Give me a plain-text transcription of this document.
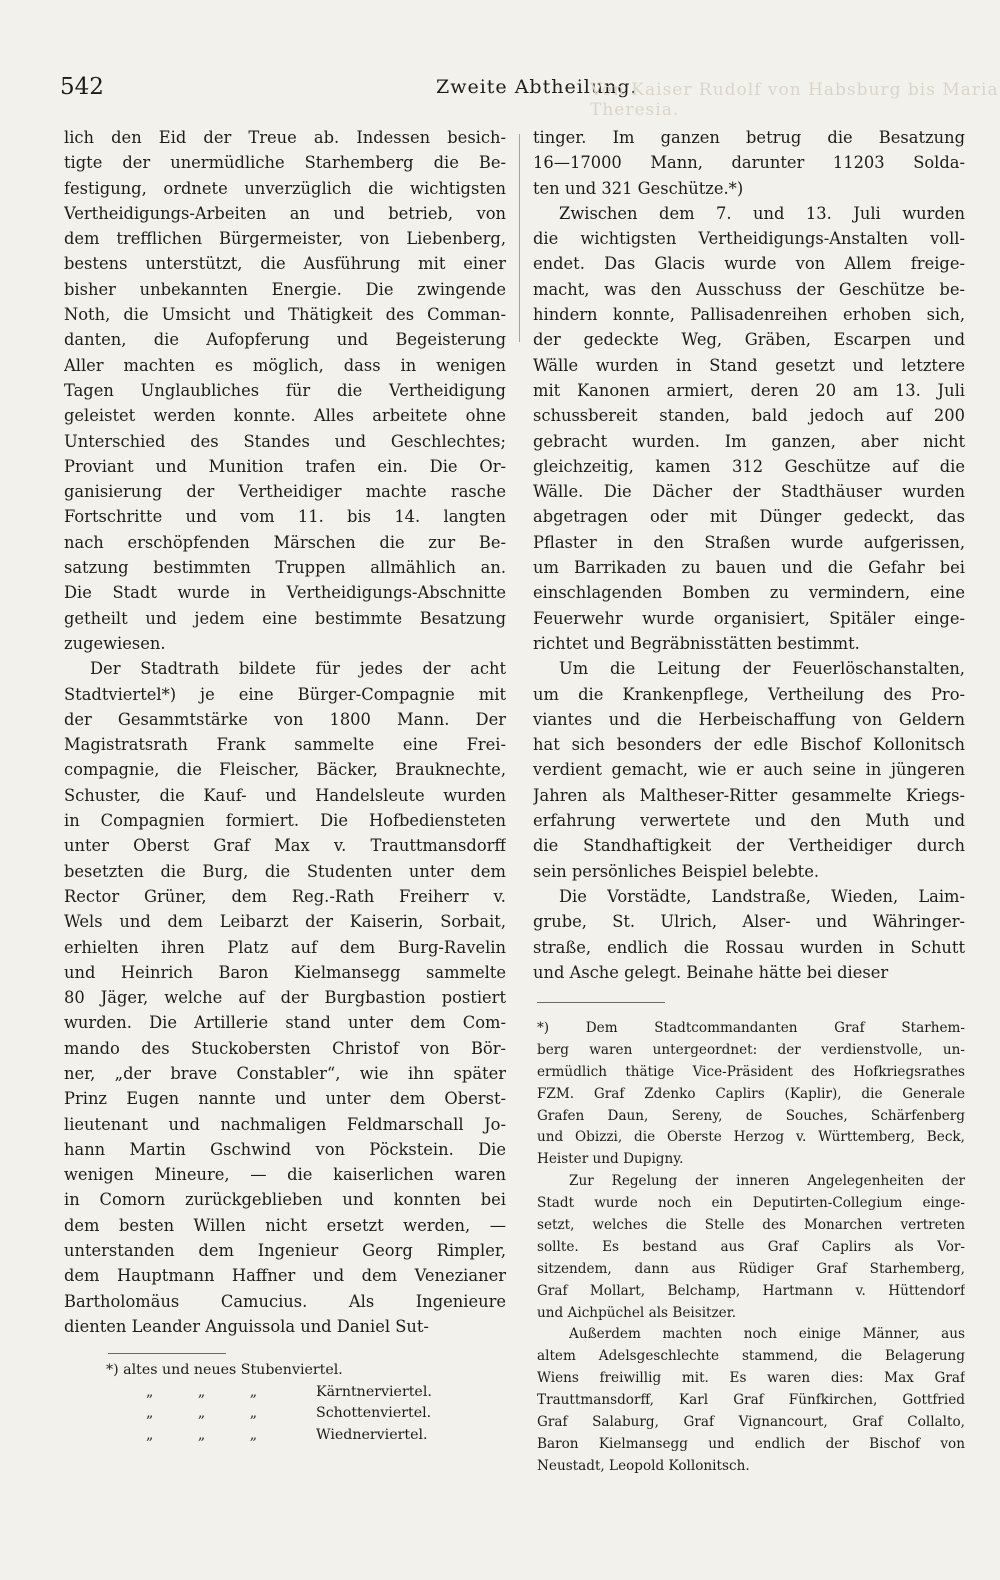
542	Zweite Abtheilung.
Von Kaiser Rudolf von Habsburg bis Maria Theresia.
lich den Eid der Treue ab. Indessen besich-
tigte der unermüdliche Starhemberg die Be-
festigung, ordnete unverzüglich die wichtigsten
Vertheidigungs-Arbeiten an und betrieb, von
dem trefflichen Bürgermeister, von Liebenberg,
bestens unterstützt, die Ausführung mit einer
bisher unbekannten Energie. Die zwingende
Noth, die Umsicht und Thätigkeit des Comman-
danten, die Aufopferung und Begeisterung
Aller machten es möglich, dass in wenigen
Tagen Unglaubliches für die Vertheidigung
geleistet werden konnte. Alles arbeitete ohne
Unterschied des Standes und Geschlechtes;
Proviant und Munition trafen ein. Die Or-
ganisierung der Vertheidiger machte rasche
Fortschritte und vom 11. bis 14. langten
nach erschöpfenden Märschen die zur Be-
satzung bestimmten Truppen allmählich an.
Die Stadt wurde in Vertheidigungs-Abschnitte
getheilt und jedem eine bestimmte Besatzung
zugewiesen.
Der Stadtrath bildete für jedes der acht
Stadtviertel*) je eine Bürger-Compagnie mit
der Gesammtstärke von 1800 Mann. Der
Magistratsrath Frank sammelte eine Frei-
compagnie, die Fleischer, Bäcker, Brauknechte,
Schuster, die Kauf- und Handelsleute wurden
in Compagnien formiert. Die Hofbediensteten
unter Oberst Graf Max v. Trauttmansdorff
besetzten die Burg, die Studenten unter dem
Rector Grüner, dem Reg.-Rath Freiherr v.
Wels und dem Leibarzt der Kaiserin, Sorbait,
erhielten ihren Platz auf dem Burg-Ravelin
und Heinrich Baron Kielmansegg sammelte
80 Jäger, welche auf der Burgbastion postiert
wurden. Die Artillerie stand unter dem Com-
mando des Stuckobersten Christof von Bör-
ner, „der brave Constabler“, wie ihn später
Prinz Eugen nannte und unter dem Oberst-
lieutenant und nachmaligen Feldmarschall Jo-
hann Martin Gschwind von Pöckstein. Die
wenigen Mineure, — die kaiserlichen waren
in Comorn zurückgeblieben und konnten bei
dem besten Willen nicht ersetzt werden, —
unterstanden dem Ingenieur Georg Rimpler,
dem Hauptmann Haffner und dem Venezianer
Bartholomäus Camucius. Als Ingenieure
dienten Leander Anguissola und Daniel Sut-
tinger. Im ganzen betrug die Besatzung
16—17000 Mann, darunter 11203 Solda-
ten und 321 Geschütze.*)
Zwischen dem 7. und 13. Juli wurden
die wichtigsten Vertheidigungs-Anstalten voll-
endet. Das Glacis wurde von Allem freige-
macht, was den Ausschuss der Geschütze be-
hindern konnte, Pallisadenreihen erhoben sich,
der gedeckte Weg, Gräben, Escarpen und
Wälle wurden in Stand gesetzt und letztere
mit Kanonen armiert, deren 20 am 13. Juli
schussbereit standen, bald jedoch auf 200
gebracht wurden. Im ganzen, aber nicht
gleichzeitig, kamen 312 Geschütze auf die
Wälle. Die Dächer der Stadthäuser wurden
abgetragen oder mit Dünger gedeckt, das
Pflaster in den Straßen wurde aufgerissen,
um Barrikaden zu bauen und die Gefahr bei
einschlagenden Bomben zu vermindern, eine
Feuerwehr wurde organisiert, Spitäler einge-
richtet und Begräbnisstätten bestimmt.
Um die Leitung der Feuerlöschanstalten,
um die Krankenpflege, Vertheilung des Pro-
viantes und die Herbeischaffung von Geldern
hat sich besonders der edle Bischof Kollonitsch
verdient gemacht, wie er auch seine in jüngeren
Jahren als Maltheser-Ritter gesammelte Kriegs-
erfahrung verwertete und den Muth und
die Standhaftigkeit der Vertheidiger durch
sein persönliches Beispiel belebte.
Die Vorstädte, Landstraße, Wieden, Laim-
grube, St. Ulrich, Alser- und Währinger-
straße, endlich die Rossau wurden in Schutt
und Asche gelegt. Beinahe hätte bei dieser
*) altes und neues Stubenviertel.
„ „ „	Kärntnerviertel.
„ „ „	Schottenviertel.
„ „ „	Wiednerviertel.
*) Dem Stadtcommandanten Graf Starhem-
berg waren untergeordnet: der verdienstvolle, un-
ermüdlich thätige Vice-Präsident des Hofkriegsrathes
FZM. Graf Zdenko Caplirs (Kaplir), die Generale
Grafen Daun, Sereny, de Souches, Schärfenberg
und Obizzi, die Oberste Herzog v. Württemberg, Beck,
Heister und Dupigny.
Zur Regelung der inneren Angelegenheiten der
Stadt wurde noch ein Deputirten-Collegium einge-
setzt, welches die Stelle des Monarchen vertreten
sollte. Es bestand aus Graf Caplirs als Vor-
sitzendem, dann aus Rüdiger Graf Starhemberg,
Graf Mollart, Belchamp, Hartmann v. Hüttendorf
und Aichpüchel als Beisitzer.
Außerdem machten noch einige Männer, aus
altem Adelsgeschlechte stammend, die Belagerung
Wiens freiwillig mit. Es waren dies: Max Graf
Trauttmansdorff, Karl Graf Fünfkirchen, Gottfried
Graf Salaburg, Graf Vignancourt, Graf Collalto,
Baron Kielmansegg und endlich der Bischof von
Neustadt, Leopold Kollonitsch.
